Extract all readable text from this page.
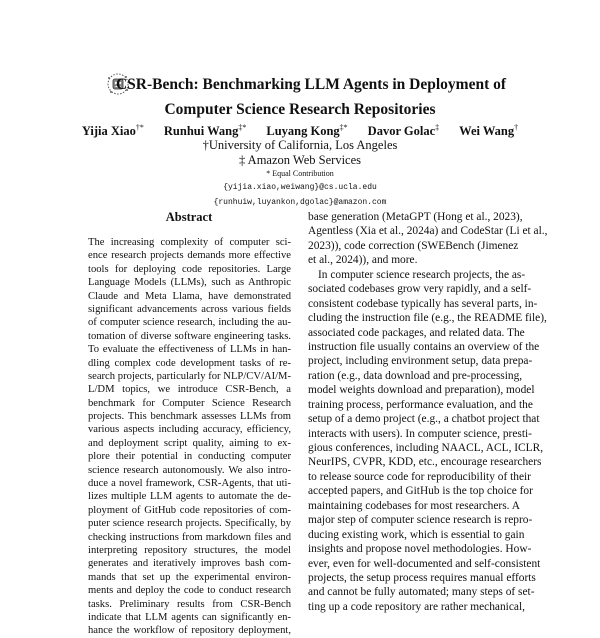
CSR-Bench: Benchmarking LLM Agents in Deployment of
Computer Science Research Repositories
Yijia Xiao†* Runhui Wang‡* Luyang Kong‡* Davor Golac‡ Wei Wang†
†University of California, Los Angeles
‡ Amazon Web Services
* Equal Contribution
{yijia.xiao,weiwang}@cs.ucla.edu
{runhuiw,luyankon,dgolac}@amazon.com
Abstract
The increasing complexity of computer sci-
ence research projects demands more effective
tools for deploying code repositories. Large
Language Models (LLMs), such as Anthropic
Claude and Meta Llama, have demonstrated
significant advancements across various fields
of computer science research, including the au-
tomation of diverse software engineering tasks.
To evaluate the effectiveness of LLMs in han-
dling complex code development tasks of re-
search projects, particularly for NLP/CV/AI/M-
L/DM topics, we introduce CSR-Bench, a
benchmark for Computer Science Research
projects. This benchmark assesses LLMs from
various aspects including accuracy, efficiency,
and deployment script quality, aiming to ex-
plore their potential in conducting computer
science research autonomously. We also intro-
duce a novel framework, CSR-Agents, that uti-
lizes multiple LLM agents to automate the de-
ployment of GitHub code repositories of com-
puter science research projects. Specifically, by
checking instructions from markdown files and
interpreting repository structures, the model
generates and iteratively improves bash com-
mands that set up the experimental environ-
ments and deploy the code to conduct research
tasks. Preliminary results from CSR-Bench
indicate that LLM agents can significantly en-
hance the workflow of repository deployment,
base generation (MetaGPT (Hong et al., 2023),
Agentless (Xia et al., 2024a) and CodeStar (Li et al.,
2023)), code correction (SWEBench (Jimenez
et al., 2024)), and more.
In computer science research projects, the as-
sociated codebases grow very rapidly, and a self-
consistent codebase typically has several parts, in-
cluding the instruction file (e.g., the README file),
associated code packages, and related data. The
instruction file usually contains an overview of the
project, including environment setup, data prepa-
ration (e.g., data download and pre-processing,
model weights download and preparation), model
training process, performance evaluation, and the
setup of a demo project (e.g., a chatbot project that
interacts with users). In computer science, presti-
gious conferences, including NAACL, ACL, ICLR,
NeurIPS, CVPR, KDD, etc., encourage researchers
to release source code for reproducibility of their
accepted papers, and GitHub is the top choice for
maintaining codebases for most researchers. A
major step of computer science research is repro-
ducing existing work, which is essential to gain
insights and propose novel methodologies. How-
ever, even for well-documented and self-consistent
projects, the setup process requires manual efforts
and cannot be fully automated; many steps of set-
ting up a code repository are rather mechanical,
